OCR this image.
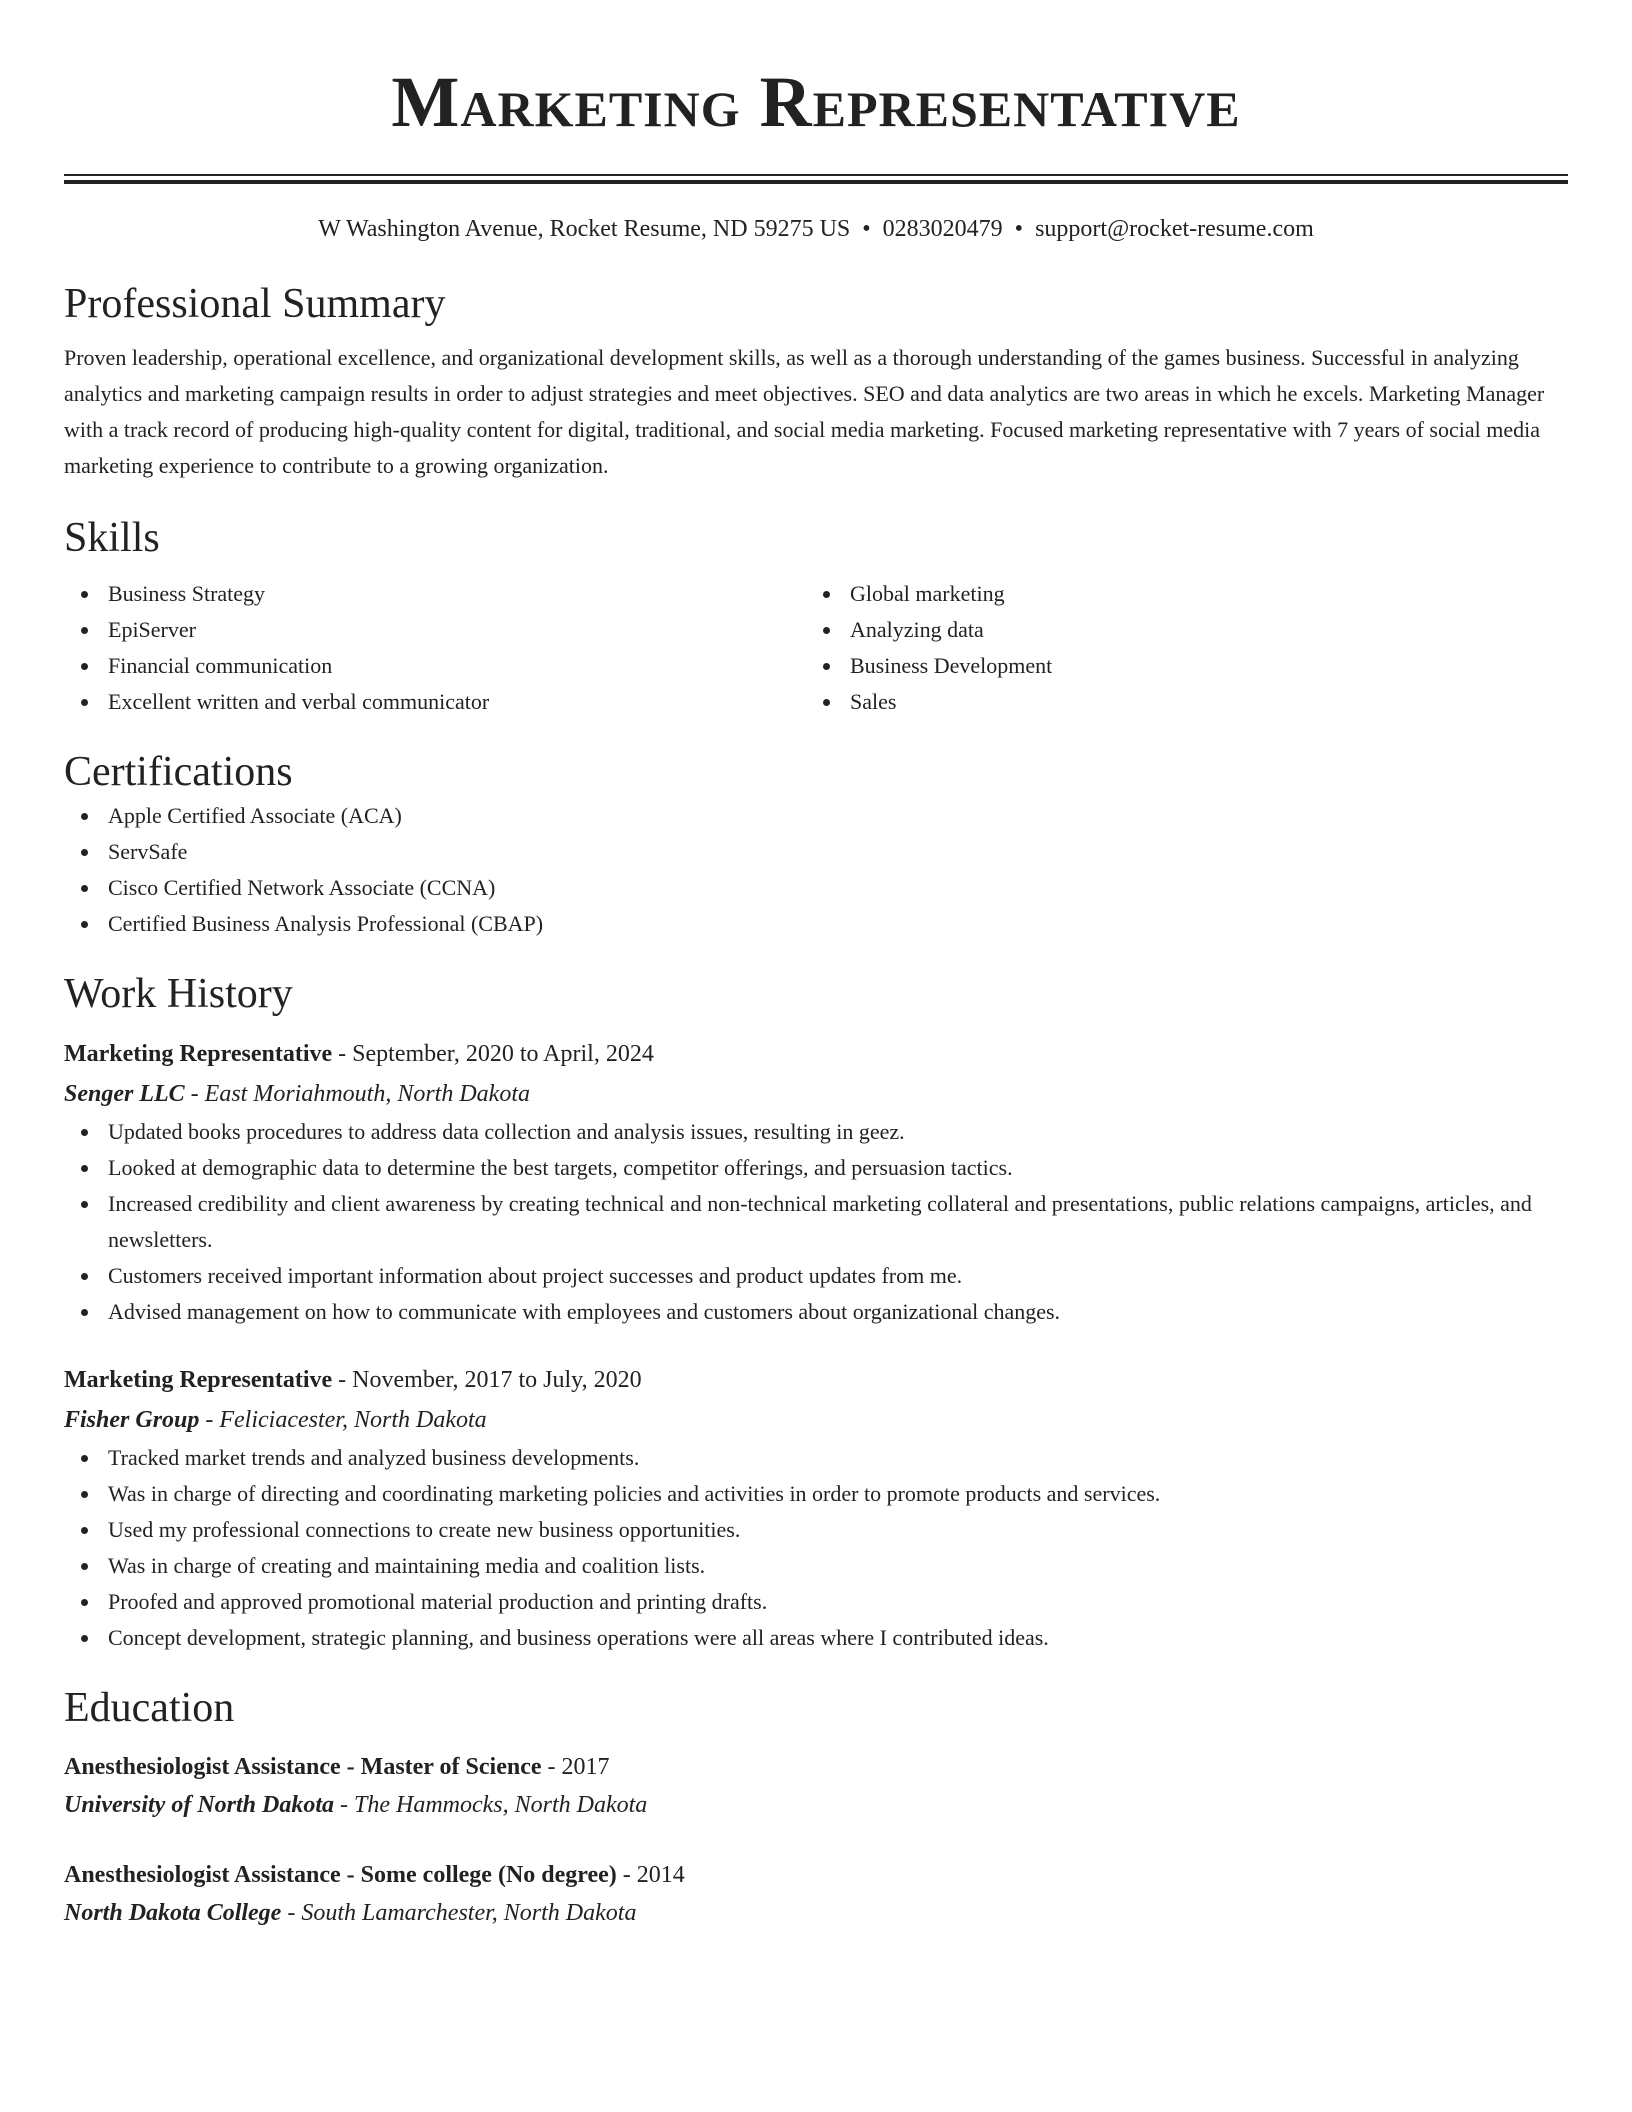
Marketing Representative
W Washington Avenue, Rocket Resume, ND 59275 US • 0283020479 • support@rocket-resume.com
Professional Summary

Proven leadership, operational excellence, and organizational development skills, as well as a thorough understanding of the games business. Successful in analyzing analytics and marketing campaign results in order to adjust strategies and meet objectives. SEO and data analytics are two areas in which he excels. Marketing Manager with a track record of producing high-quality content for digital, traditional, and social media marketing. Focused marketing representative with 7 years of social media marketing experience to contribute to a growing organization.

Skills
Business Strategy
EpiServer
Financial communication
Excellent written and verbal communicator
Global marketing
Analyzing data
Business Development
Sales
Certifications
Apple Certified Associate (ACA)
ServSafe
Cisco Certified Network Associate (CCNA)
Certified Business Analysis Professional (CBAP)
Work History
Marketing Representative - September, 2020 to April, 2024
Senger LLC - East Moriahmouth, North Dakota
Updated books procedures to address data collection and analysis issues, resulting in geez.
Looked at demographic data to determine the best targets, competitor offerings, and persuasion tactics.
Increased credibility and client awareness by creating technical and non-technical marketing collateral and presentations, public relations campaigns, articles, and newsletters.
Customers received important information about project successes and product updates from me.
Advised management on how to communicate with employees and customers about organizational changes.
Marketing Representative - November, 2017 to July, 2020
Fisher Group - Feliciacester, North Dakota
Tracked market trends and analyzed business developments.
Was in charge of directing and coordinating marketing policies and activities in order to promote products and services.
Used my professional connections to create new business opportunities.
Was in charge of creating and maintaining media and coalition lists.
Proofed and approved promotional material production and printing drafts.
Concept development, strategic planning, and business operations were all areas where I contributed ideas.
Education
Anesthesiologist Assistance - Master of Science - 2017
University of North Dakota - The Hammocks, North Dakota
Anesthesiologist Assistance - Some college (No degree) - 2014
North Dakota College - South Lamarchester, North Dakota
